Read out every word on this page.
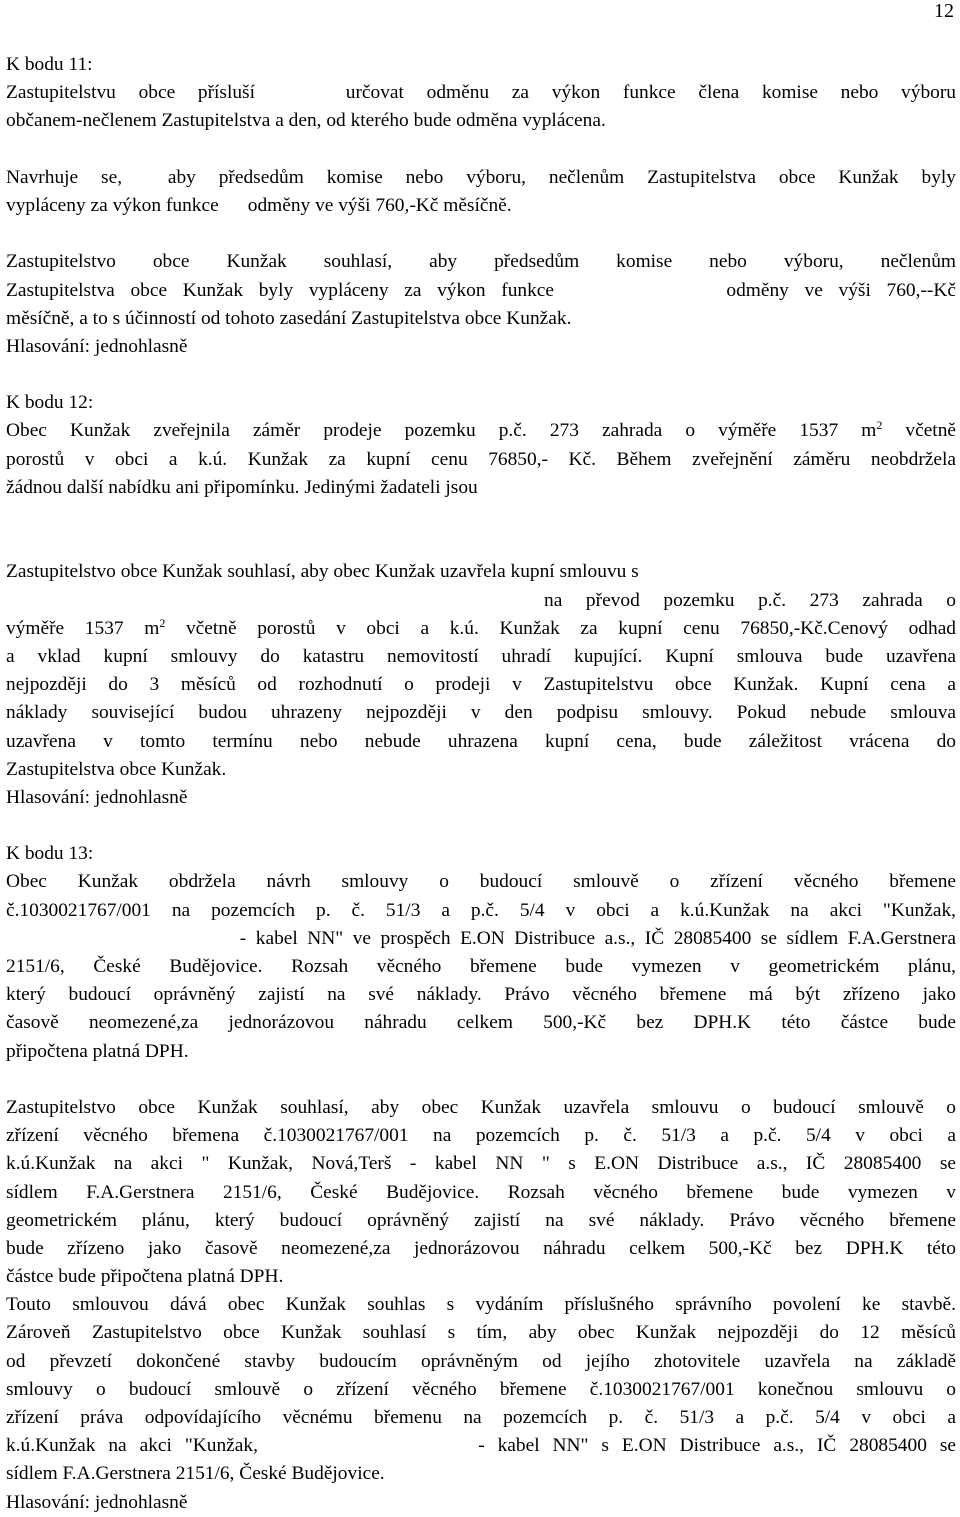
12
K bodu 11:
Zastupitelstvu obce přísluší    určovat odměnu za výkon funkce člena komise nebo výboru
občanem-nečlenem Zastupitelstva a den, od kterého bude odměna vyplácena.
Navrhuje se,  aby předsedům komise nebo výboru, nečlenům Zastupitelstva obce Kunžak byly
vypláceny za výkon funkce      odměny ve výši 760,-Kč měsíčně.
Zastupitelstvo obce Kunžak souhlasí, aby předsedům komise nebo výboru, nečlenům
Zastupitelstva obce Kunžak byly vypláceny za výkon funkce           odměny ve výši 760,--Kč
měsíčně, a to s účinností od tohoto zasedání Zastupitelstva obce Kunžak.
Hlasování: jednohlasně
K bodu 12:
Obec Kunžak zveřejnila záměr prodeje pozemku p.č. 273 zahrada o výměře 1537 $m^2$ včetně
porostů v obci a k.ú. Kunžak za kupní cenu 76850,- Kč. Během zveřejnění záměru neobdržela
žádnou další nabídku ani připomínku. Jedinými žadateli jsou
Zastupitelstvo obce Kunžak souhlasí, aby obec Kunžak uzavřela kupní smlouvu s
na převod pozemku p.č. 273 zahrada o
výměře 1537 $m^2$ včetně porostů v obci a k.ú. Kunžak za kupní cenu 76850,-Kč.Cenový odhad
a vklad kupní smlouvy do katastru nemovitostí uhradí kupující. Kupní smlouva bude uzavřena
nejpozději do 3 měsíců od rozhodnutí o prodeji v Zastupitelstvu obce Kunžak. Kupní cena a
náklady související budou uhrazeny nejpozději v den podpisu smlouvy. Pokud nebude smlouva
uzavřena v tomto termínu nebo nebude uhrazena kupní cena, bude záležitost vrácena do
Zastupitelstva obce Kunžak.
Hlasování: jednohlasně
K bodu 13:
Obec Kunžak obdržela návrh smlouvy o budoucí smlouvě o zřízení věcného břemene
č.1030021767/001 na pozemcích p. č. 51/3 a p.č. 5/4 v obci a k.ú.Kunžak na akci "Kunžak,
- kabel NN" ve prospěch E.ON Distribuce a.s., IČ 28085400 se sídlem F.A.Gerstnera
2151/6, České Budějovice. Rozsah věcného břemene bude vymezen v geometrickém plánu,
který budoucí oprávněný zajistí na své náklady. Právo věcného břemene má být zřízeno jako
časově neomezené,za jednorázovou náhradu celkem 500,-Kč bez DPH.K této částce bude
připočtena platná DPH.
Zastupitelstvo obce Kunžak souhlasí, aby obec Kunžak uzavřela smlouvu o budoucí smlouvě o
zřízení věcného břemena č.1030021767/001 na pozemcích p. č. 51/3 a p.č. 5/4 v obci a
k.ú.Kunžak na akci " Kunžak, Nová,Terš - kabel NN " s E.ON Distribuce a.s., IČ 28085400 se
sídlem F.A.Gerstnera 2151/6, České Budějovice. Rozsah věcného břemene bude vymezen v
geometrickém plánu, který budoucí oprávněný zajistí na své náklady. Právo věcného břemene
bude zřízeno jako časově neomezené,za jednorázovou náhradu celkem 500,-Kč bez DPH.K této
částce bude připočtena platná DPH.
Touto smlouvou dává obec Kunžak souhlas s vydáním příslušného správního povolení ke stavbě.
Zároveň Zastupitelstvo obce Kunžak souhlasí s tím, aby obec Kunžak nejpozději do 12 měsíců
od převzetí dokončené stavby budoucím oprávněným od jejího zhotovitele uzavřela na základě
smlouvy o budoucí smlouvě o zřízení věcného břemene č.1030021767/001 konečnou smlouvu o
zřízení práva odpovídajícího věcnému břemenu na pozemcích p. č. 51/3 a p.č. 5/4 v obci a
k.ú.Kunžak na akci "Kunžak,                 - kabel NN" s E.ON Distribuce a.s., IČ 28085400 se
sídlem F.A.Gerstnera 2151/6, České Budějovice.
Hlasování: jednohlasně
